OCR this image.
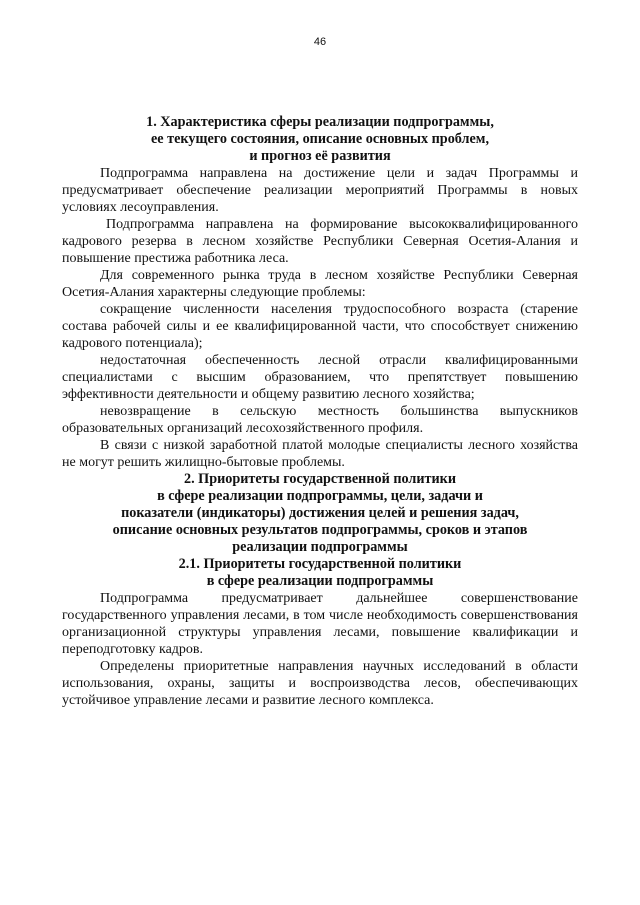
46
1. Характеристика сферы реализации подпрограммы,
ее текущего состояния, описание основных проблем,
и прогноз её развития

Подпрограмма направлена на достижение цели и задач Программы и предусматривает обеспечение реализации мероприятий Программы в новых условиях лесоуправления.

Подпрограмма направлена на формирование высококвалифицированного кадрового резерва в лесном хозяйстве Республики Северная Осетия-Алания и повышение престижа работника леса.

Для современного рынка труда в лесном хозяйстве Республики Северная Осетия-Алания характерны следующие проблемы:

сокращение численности населения трудоспособного возраста (старение состава рабочей силы и ее квалифицированной части, что способствует снижению кадрового потенциала);

недостаточная обеспеченность лесной отрасли квалифицированными специалистами с высшим образованием, что препятствует повышению эффективности деятельности и общему развитию лесного хозяйства;

невозвращение в сельскую местность большинства выпускников образовательных организаций лесохозяйственного профиля.

В связи с низкой заработной платой молодые специалисты лесного хозяйства не могут решить жилищно-бытовые проблемы.

2. Приоритеты государственной политики
в сфере реализации подпрограммы, цели, задачи и
показатели (индикаторы) достижения целей и решения задач,
описание основных результатов подпрограммы, сроков и этапов
реализации подпрограммы
2.1. Приоритеты государственной политики
в сфере реализации подпрограммы

Подпрограмма предусматривает дальнейшее совершенствование государственного управления лесами, в том числе необходимость совершенствования организационной структуры управления лесами, повышение квалификации и переподготовку кадров.

Определены приоритетные направления научных исследований в области использования, охраны, защиты и воспроизводства лесов, обеспечивающих устойчивое управление лесами и развитие лесного комплекса.
